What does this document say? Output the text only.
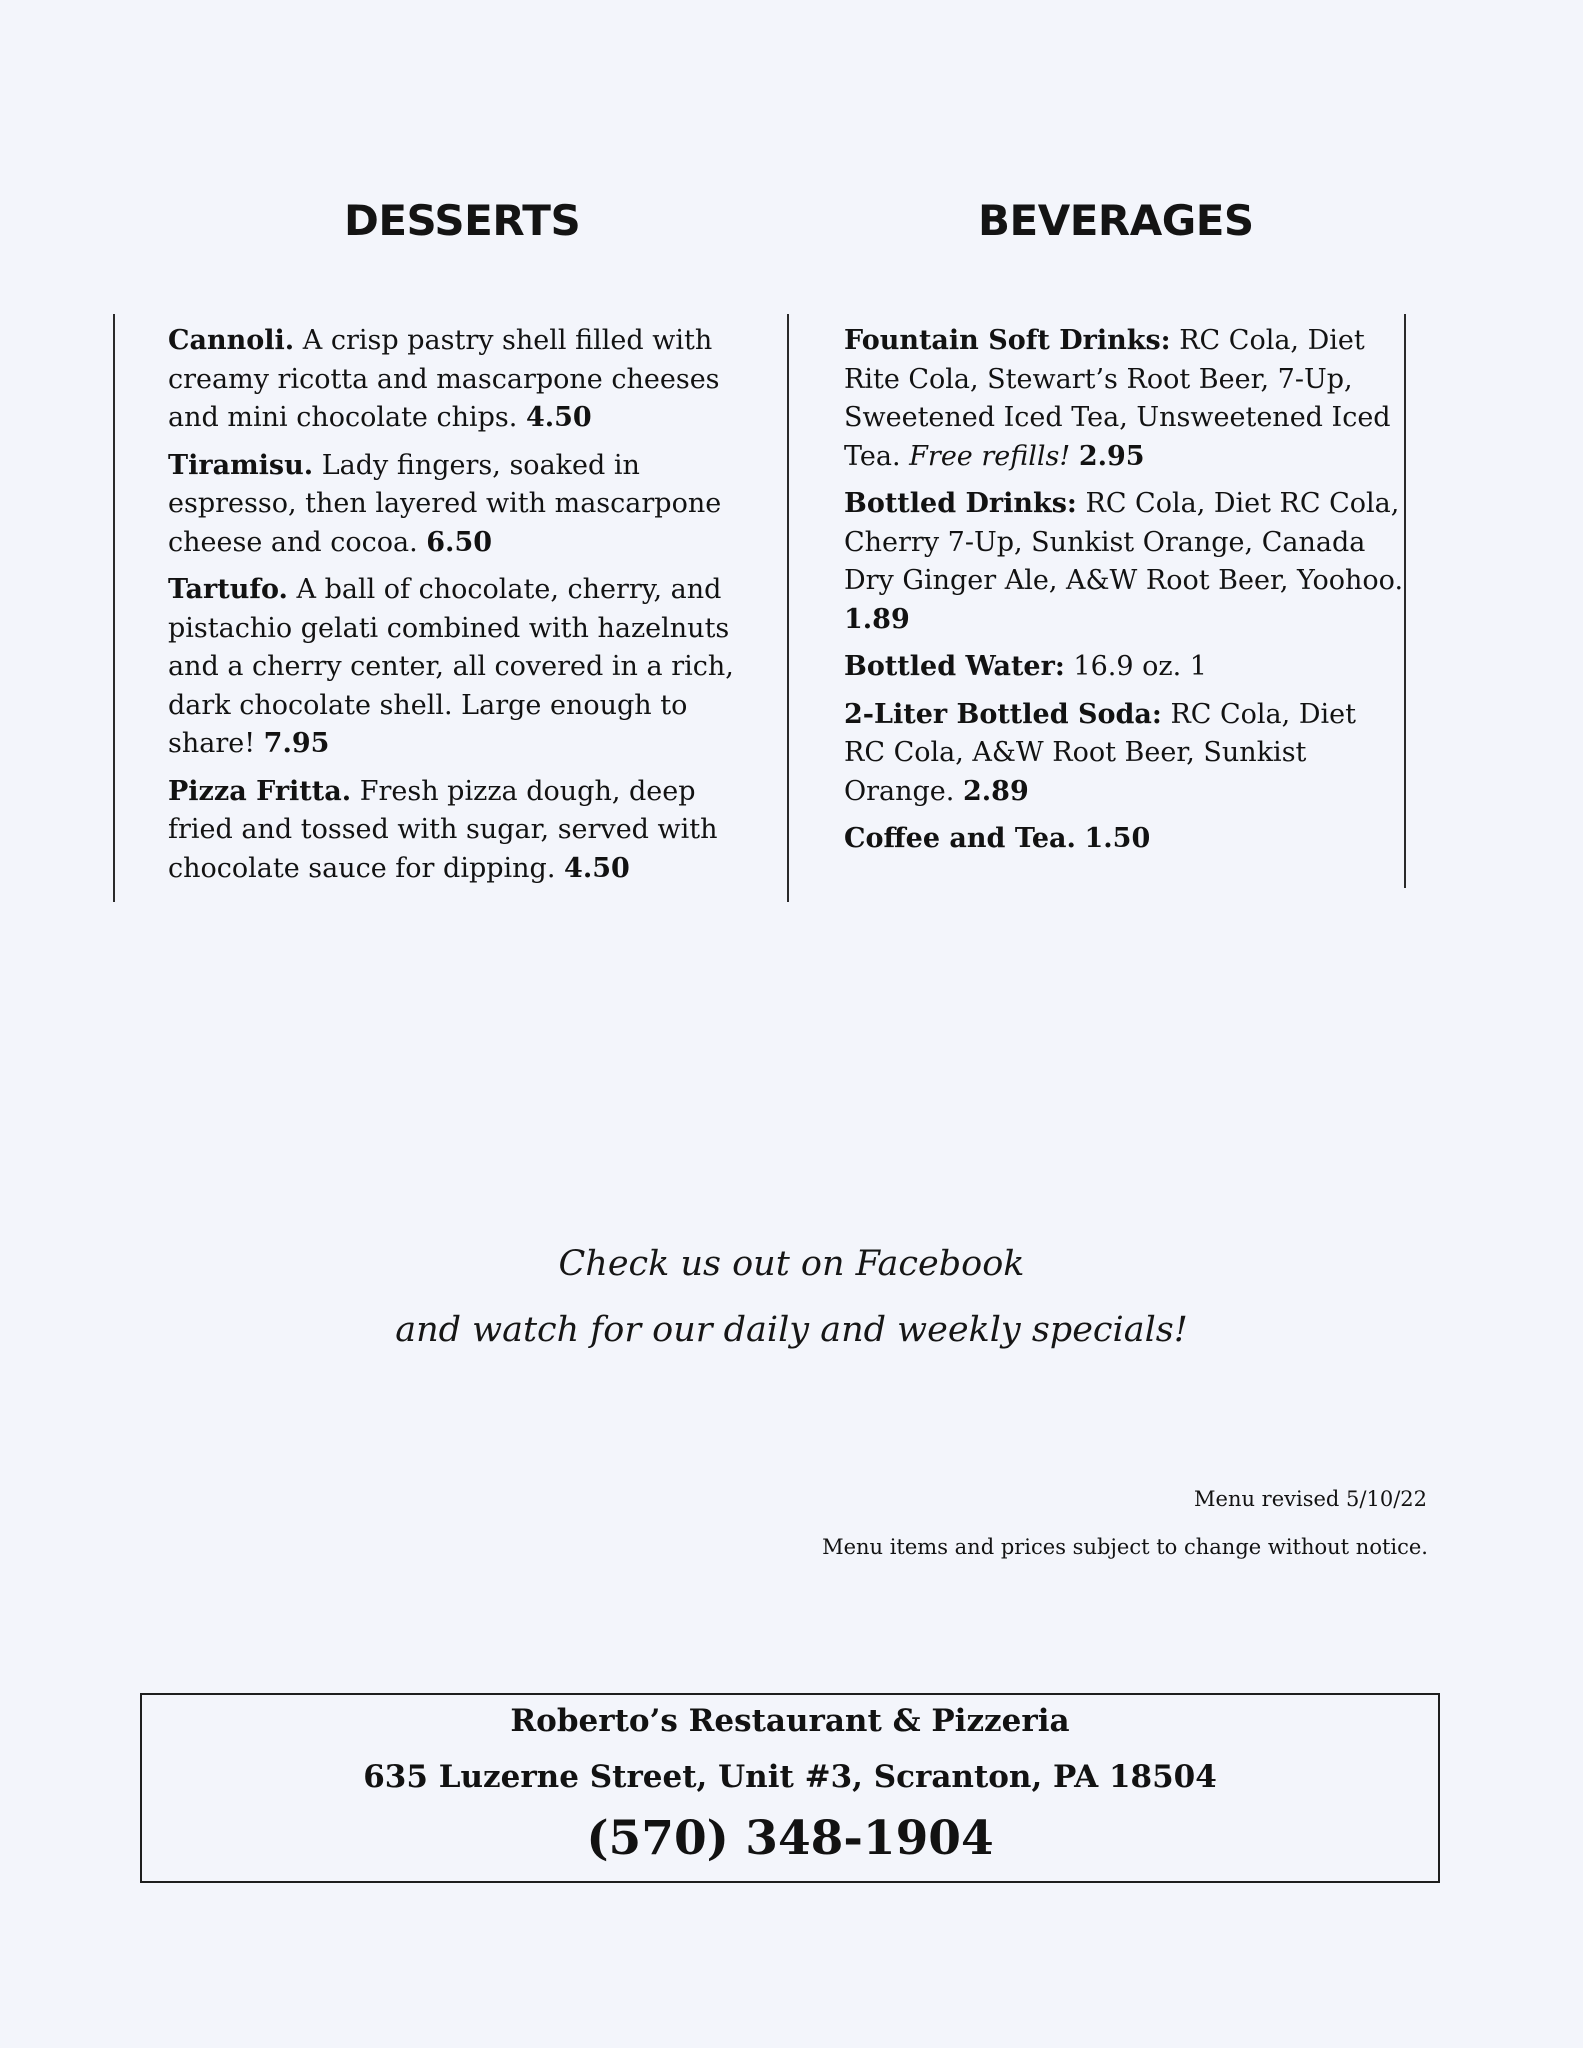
DESSERTS	BEVERAGES
Cannoli. A crisp pastry shell filled with creamy ricotta and mascarpone cheeses and mini chocolate chips. 4.50
Tiramisu. Lady fingers, soaked in espresso, then layered with mascarpone cheese and cocoa. 6.50
Tartufo. A ball of chocolate, cherry, and pistachio gelati combined with hazelnuts and a cherry center, all covered in a rich, dark chocolate shell. Large enough to share! 7.95
Pizza Fritta. Fresh pizza dough, deep fried and tossed with sugar, served with chocolate sauce for dipping. 4.50
Fountain Soft Drinks: RC Cola, Diet Rite Cola, Stewart’s Root Beer, 7-Up, Sweetened Iced Tea, Unsweetened Iced Tea. Free refills! 2.95
Bottled Drinks: RC Cola, Diet RC Cola, Cherry 7-Up, Sunkist Orange, Canada Dry Ginger Ale, A&W Root Beer, Yoohoo. 1.89
Bottled Water: 16.9 oz. 1
2-Liter Bottled Soda: RC Cola, Diet RC Cola, A&W Root Beer, Sunkist Orange. 2.89
Coffee and Tea. 1.50
Check us out on Facebook
and watch for our daily and weekly specials!
Menu revised 5/10/22
Menu items and prices subject to change without notice.
Roberto’s Restaurant & Pizzeria
635 Luzerne Street, Unit #3, Scranton, PA 18504
(570) 348-1904
